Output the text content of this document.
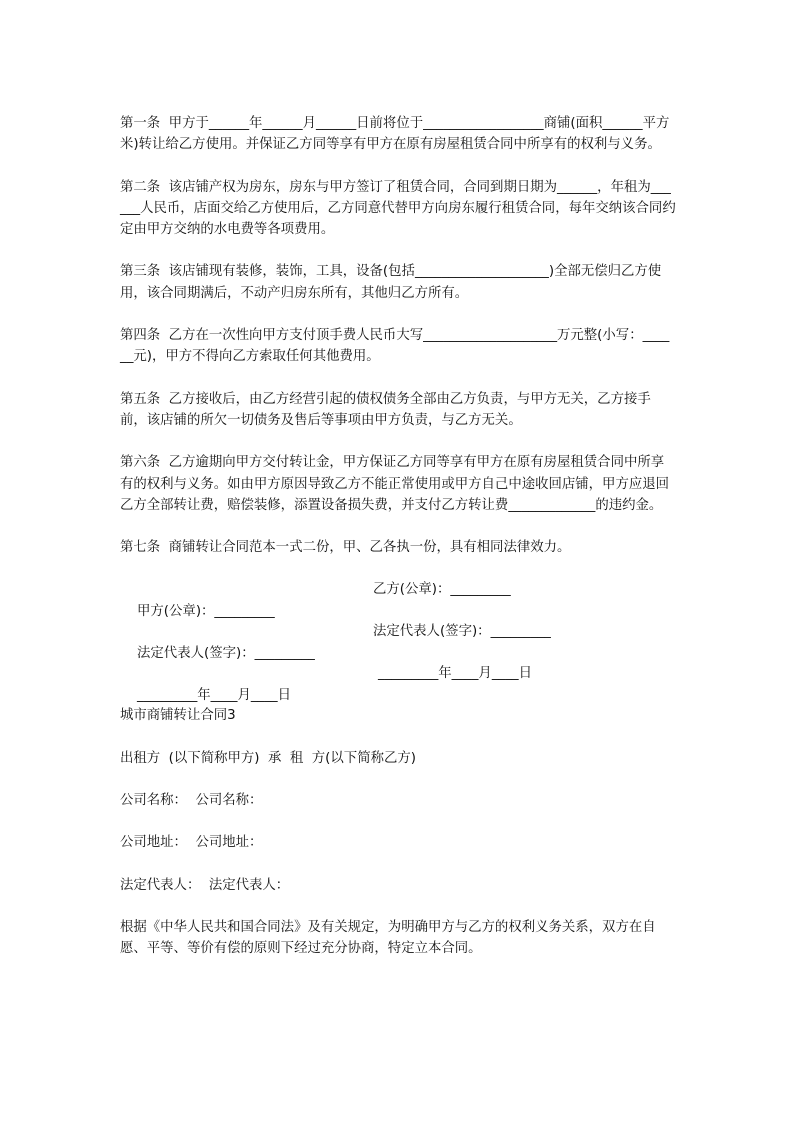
第一条  甲方于______年______月______日前将位于__________________商铺(面积______平方米)转让给乙方使用。并保证乙方同等享有甲方在原有房屋租赁合同中所享有的权利与义务。

第二条  该店铺产权为房东，房东与甲方签订了租赁合同，合同到期日期为______，年租为______人民币，店面交给乙方使用后，乙方同意代替甲方向房东履行租赁合同，每年交纳该合同约定由甲方交纳的水电费等各项费用。

第三条  该店铺现有装修，装饰，工具，设备(包括____________________)全部无偿归乙方使用，该合同期满后，不动产归房东所有，其他归乙方所有。

第四条  乙方在一次性向甲方支付顶手费人民币大写____________________万元整(小写：______元)，甲方不得向乙方索取任何其他费用。

第五条  乙方接收后，由乙方经营引起的债权债务全部由乙方负责，与甲方无关，乙方接手前，该店铺的所欠一切债务及售后等事项由甲方负责，与乙方无关。

第六条  乙方逾期向甲方交付转让金，甲方保证乙方同等享有甲方在原有房屋租赁合同中所享有的权利与义务。如由甲方原因导致乙方不能正常使用或甲方自己中途收回店铺，甲方应退回乙方全部转让费，赔偿装修，添置设备损失费，并支付乙方转让费_____________的违约金。

第七条  商铺转让合同范本一式二份，甲、乙各执一份，具有相同法律效力。

甲方(公章)：_________

乙方(公章)：_________

法定代表人(签字)：_________

法定代表人(签字)：_________

_________年____月____日

_________年____月____日

城市商铺转让合同3

出租方  (以下简称甲方)  承  租  方(以下简称乙方)

公司名称：  公司名称：

公司地址：  公司地址：

法定代表人：  法定代表人：

根据《中华人民共和国合同法》及有关规定，为明确甲方与乙方的权利义务关系，双方在自愿、平等、等价有偿的原则下经过充分协商，特定立本合同。
